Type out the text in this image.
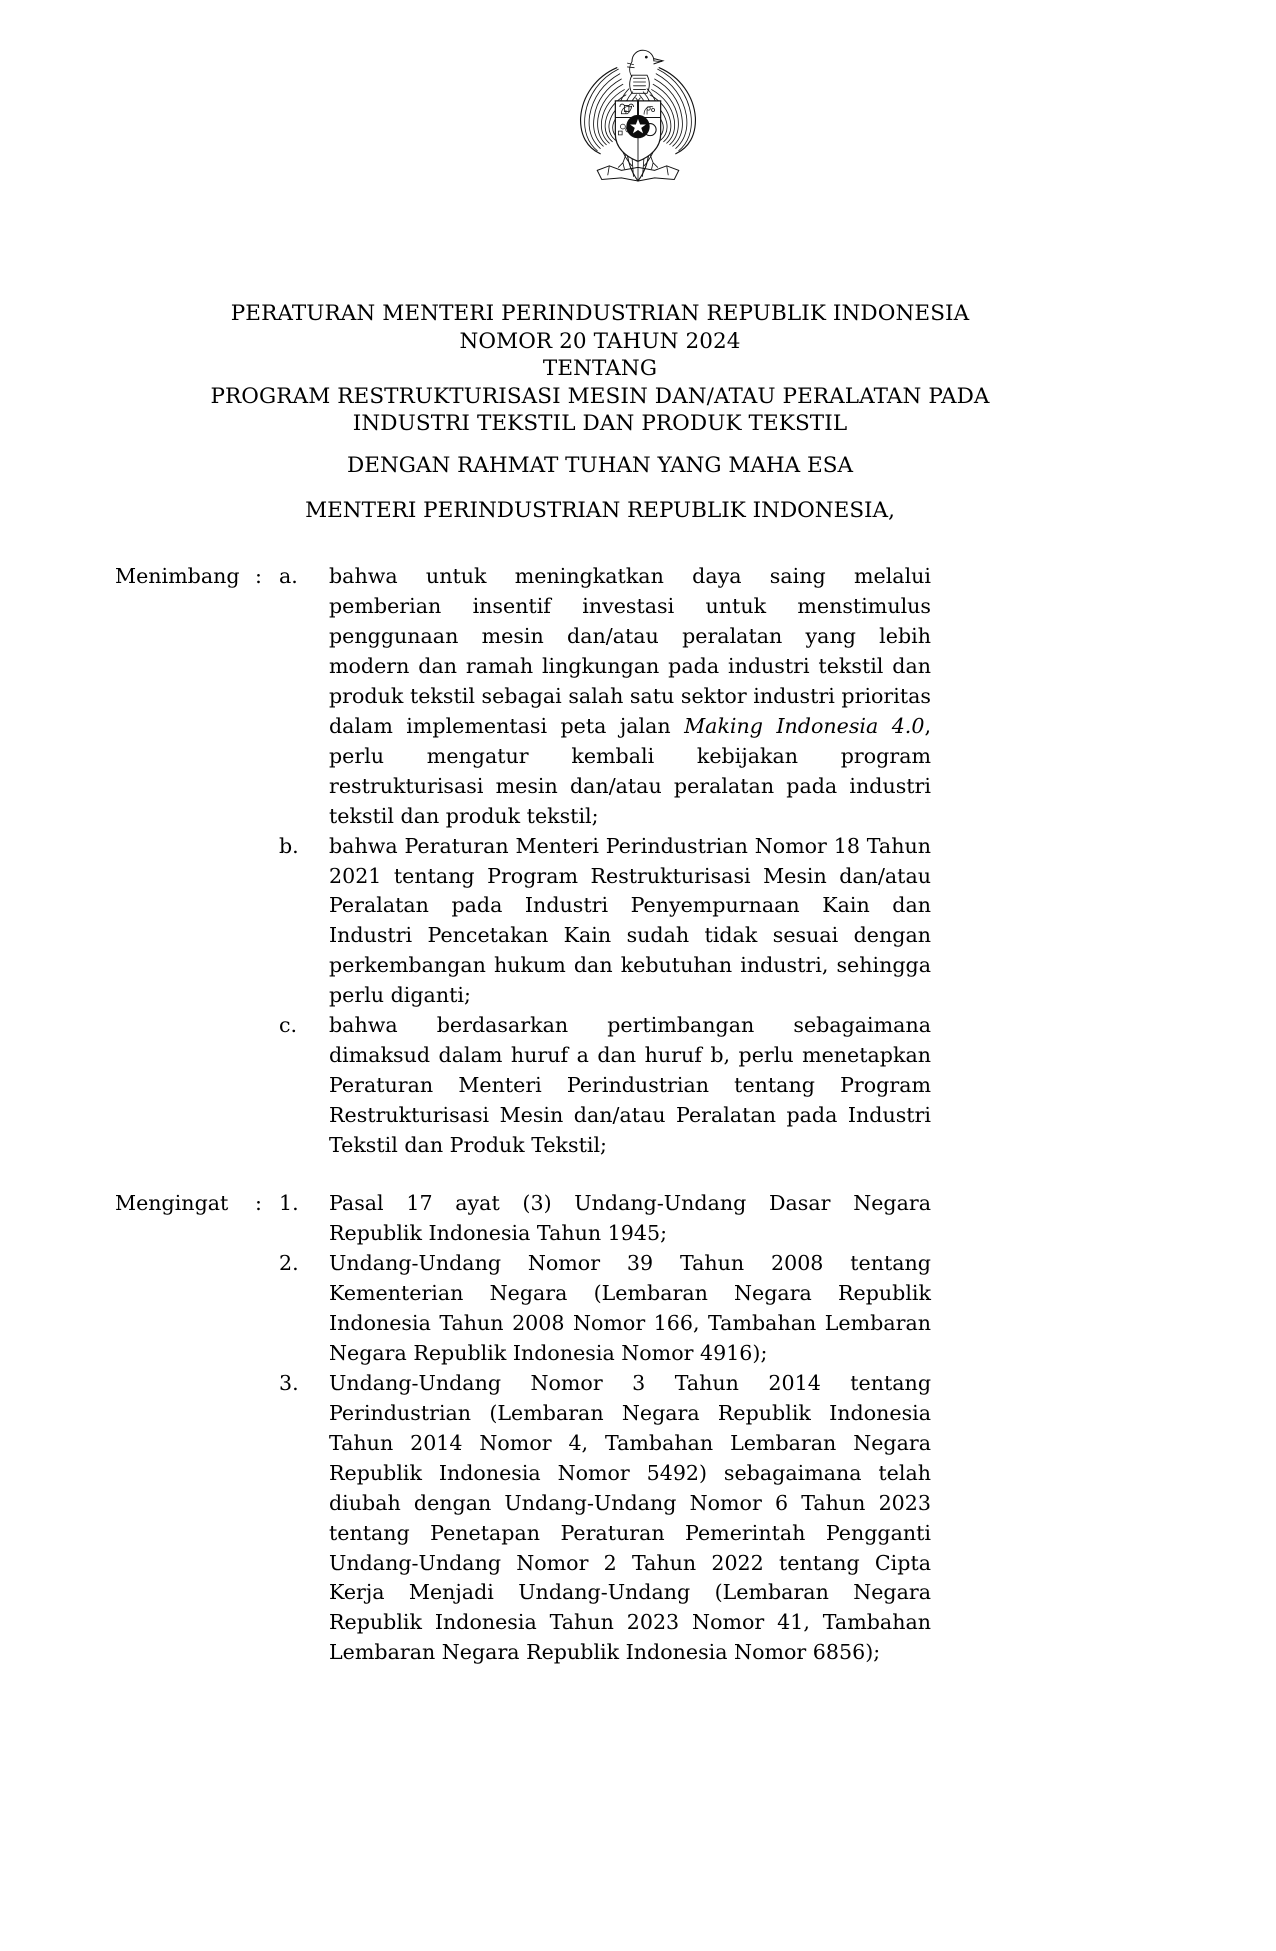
PERATURAN MENTERI PERINDUSTRIAN REPUBLIK INDONESIA
NOMOR 20 TAHUN 2024
TENTANG
PROGRAM RESTRUKTURISASI MESIN DAN/ATAU PERALATAN PADA
INDUSTRI TEKSTIL DAN PRODUK TEKSTIL
DENGAN RAHMAT TUHAN YANG MAHA ESA
MENTERI PERINDUSTRIAN REPUBLIK INDONESIA,
Menimbang : a.	bahwa untuk meningkatkan daya saing melalui pemberian insentif investasi untuk menstimulus penggunaan mesin dan/atau peralatan yang lebih modern dan ramah lingkungan pada industri tekstil dan produk tekstil sebagai salah satu sektor industri prioritas dalam implementasi peta jalan Making Indonesia 4.0, perlu mengatur kembali kebijakan program restrukturisasi mesin dan/atau peralatan pada industri tekstil dan produk tekstil;
b.	bahwa Peraturan Menteri Perindustrian Nomor 18 Tahun 2021 tentang Program Restrukturisasi Mesin dan/atau Peralatan pada Industri Penyempurnaan Kain dan Industri Pencetakan Kain sudah tidak sesuai dengan perkembangan hukum dan kebutuhan industri, sehingga perlu diganti;
c.	bahwa berdasarkan pertimbangan sebagaimana dimaksud dalam huruf a dan huruf b, perlu menetapkan Peraturan Menteri Perindustrian tentang Program Restrukturisasi Mesin dan/atau Peralatan pada Industri Tekstil dan Produk Tekstil;
Mengingat	: 1.	Pasal 17 ayat (3) Undang-Undang Dasar Negara Republik Indonesia Tahun 1945;
2.	Undang-Undang Nomor 39 Tahun 2008 tentang Kementerian Negara (Lembaran Negara Republik Indonesia Tahun 2008 Nomor 166, Tambahan Lembaran Negara Republik Indonesia Nomor 4916);
3.	Undang-Undang Nomor 3 Tahun 2014 tentang Perindustrian (Lembaran Negara Republik Indonesia Tahun 2014 Nomor 4, Tambahan Lembaran Negara Republik Indonesia Nomor 5492) sebagaimana telah diubah dengan Undang-Undang Nomor 6 Tahun 2023 tentang Penetapan Peraturan Pemerintah Pengganti Undang-Undang Nomor 2 Tahun 2022 tentang Cipta Kerja Menjadi Undang-Undang (Lembaran Negara Republik Indonesia Tahun 2023 Nomor 41, Tambahan Lembaran Negara Republik Indonesia Nomor 6856);
